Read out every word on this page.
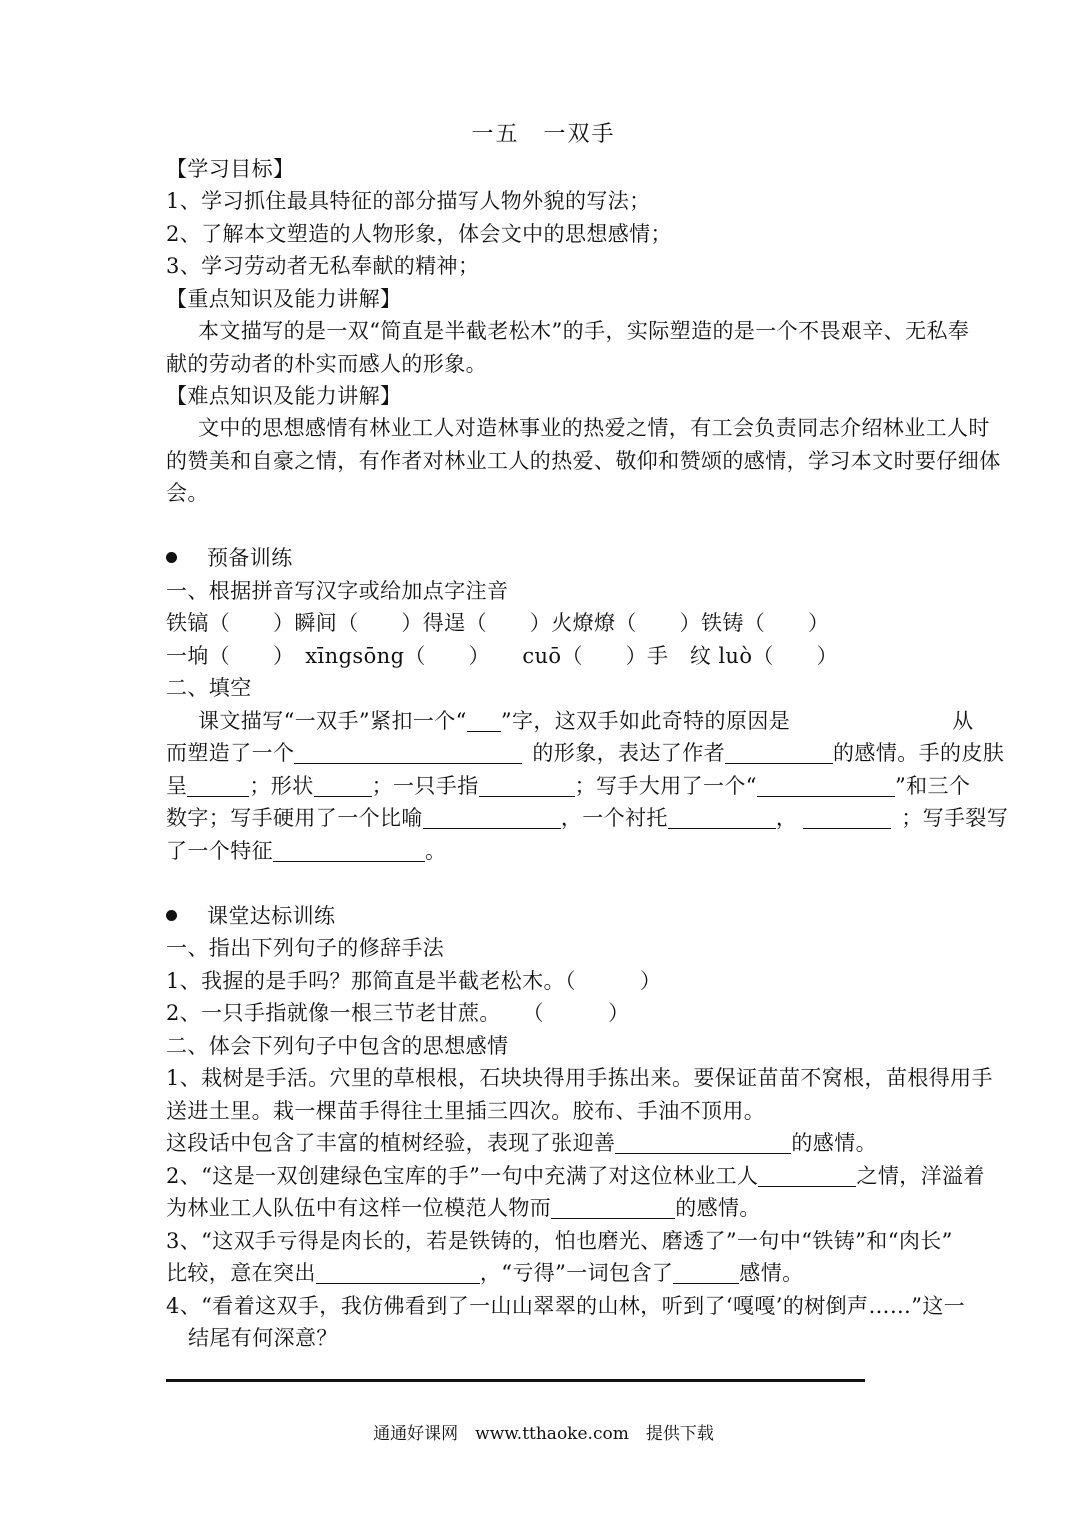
一五　一双手
【学习目标】
1、学习抓住最具特征的部分描写人物外貌的写法；
2、了解本文塑造的人物形象，体会文中的思想感情；
3、学习劳动者无私奉献的精神；
【重点知识及能力讲解】
本文描写的是一双“简直是半截老松木”的手，实际塑造的是一个不畏艰辛、无私奉
献的劳动者的朴实而感人的形象。
【难点知识及能力讲解】
文中的思想感情有林业工人对造林事业的热爱之情，有工会负责同志介绍林业工人时
的赞美和自豪之情，有作者对林业工人的热爱、敬仰和赞颂的感情，学习本文时要仔细体
会。
预备训练
一、根据拼音写汉字或给加点字注音
铁镐（　　）瞬间（　　）得逞（　　）火燎燎（　　）铁铸（　　）
一垧（　　）　xīngsōng（　　）　　cuō（　　）手　纹 luò（　　）
二、填空
课文描写“一双手”紧扣一个“ ”字，这双手如此奇特的原因是	从
而塑造了一个	的形象，表达了作者	的感情。手的皮肤
呈	；形状	；一只手指	；写手大用了一个“	”和三个
数字；写手硬用了一个比喻	，一个衬托	，	；写手裂写
了一个特征	。
课堂达标训练
一、指出下列句子的修辞手法
1、我握的是手吗？那简直是半截老松木。（　　　）
2、一只手指就像一根三节老甘蔗。　　（　　　）
二、体会下列句子中包含的思想感情
1、栽树是手活。穴里的草根根，石块块得用手拣出来。要保证苗苗不窝根，苗根得用手
送进土里。栽一棵苗手得往土里插三四次。胶布、手油不顶用。
这段话中包含了丰富的植树经验，表现了张迎善	的感情。
2、“这是一双创建绿色宝库的手”一句中充满了对这位林业工人	之情，洋溢着
为林业工人队伍中有这样一位模范人物而	的感情。
3、“这双手亏得是肉长的，若是铁铸的，怕也磨光、磨透了”一句中“铁铸”和“肉长”
比较，意在突出	，“亏得”一词包含了	感情。
4、“看着这双手，我仿佛看到了一山山翠翠的山林，听到了‘嘎嘎’的树倒声……”这一
结尾有何深意？
通通好课网　www.tthaoke.com　提供下载
